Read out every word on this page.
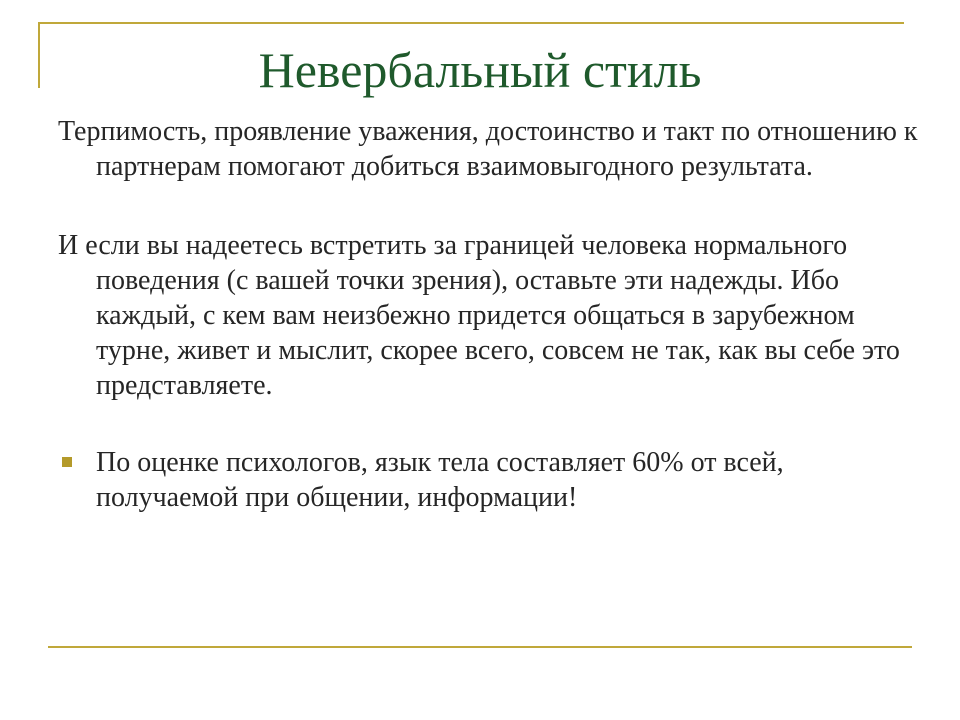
Невербальный стиль

Терпимость, проявление уважения, достоинство и такт по отношению к партнерам помогают добиться взаимовыгодного результата.

И если вы надеетесь встретить за границей человека нормального поведения (с вашей точки зрения), оставьте эти надежды. Ибо каждый, с кем вам неизбежно придется общаться в зарубежном турне, живет и мыслит, скорее всего, совсем не так, как вы себе это представляете.

По оценке психологов, язык тела составляет 60% от всей, получаемой при общении, информации!
